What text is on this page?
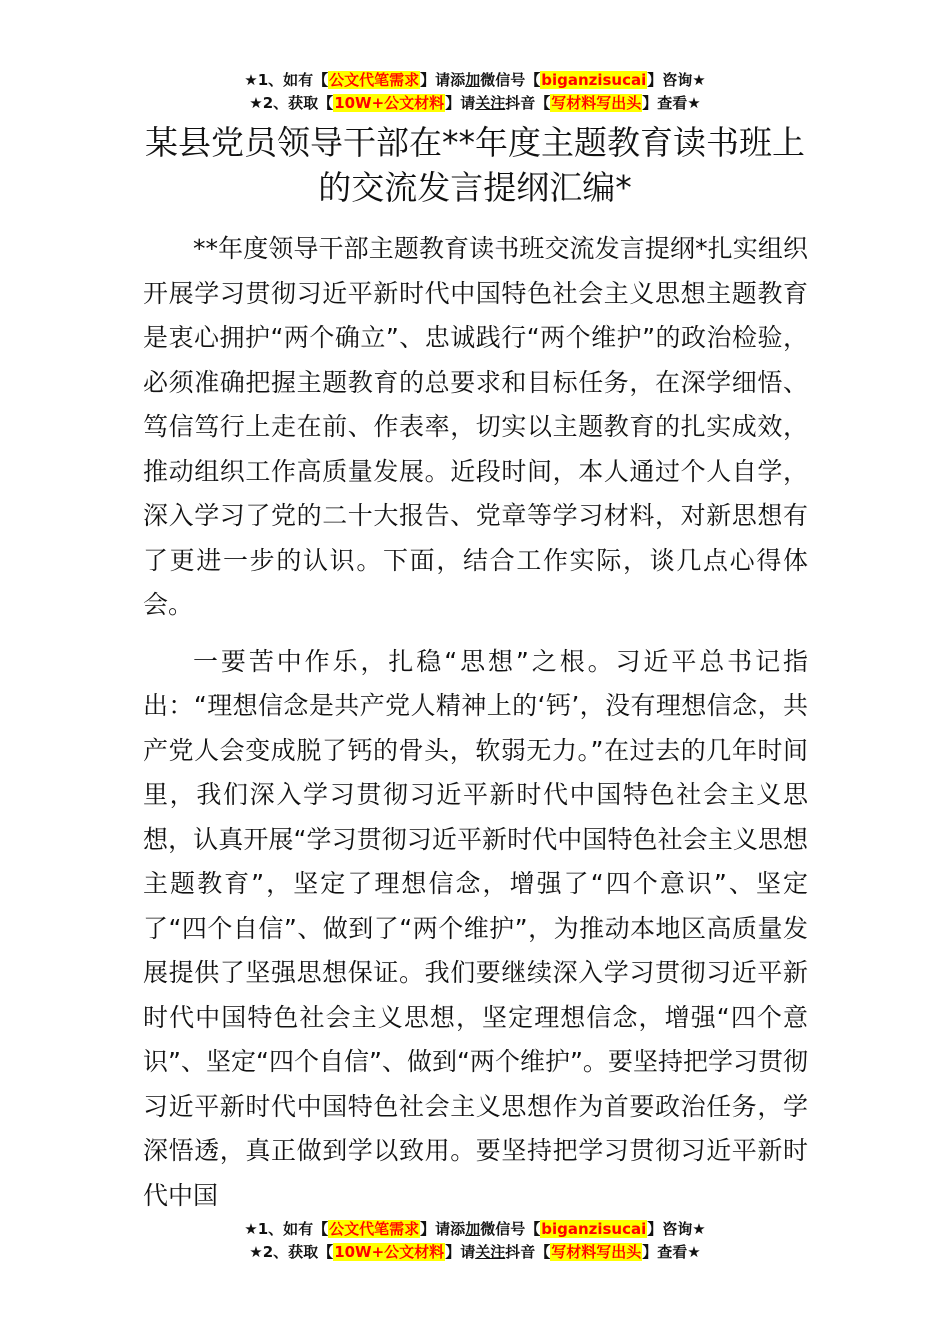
★1、如有【公文代笔需求】请添加微信号【biganzisucai】咨询★
★2、获取【10W+公文材料】请关注抖音【写材料写出头】查看★
某县党员领导干部在**年度主题教育读书班上的交流发言提纲汇编*

**年度领导干部主题教育读书班交流发言提纲*扎实组织开展学习贯彻习近平新时代中国特色社会主义思想主题教育是衷心拥护“两个确立”、忠诚践行“两个维护”的政治检验，必须准确把握主题教育的总要求和目标任务，在深学细悟、笃信笃行上走在前、作表率，切实以主题教育的扎实成效，推动组织工作高质量发展。近段时间，本人通过个人自学，深入学习了党的二十大报告、党章等学习材料，对新思想有了更进一步的认识。下面，结合工作实际，谈几点心得体会。

一要苦中作乐，扎稳“思想”之根。习近平总书记指出：“理想信念是共产党人精神上的‘钙’，没有理想信念，共产党人会变成脱了钙的骨头，软弱无力。”在过去的几年时间里，我们深入学习贯彻习近平新时代中国特色社会主义思想，认真开展“学习贯彻习近平新时代中国特色社会主义思想主题教育”，坚定了理想信念，增强了“四个意识”、坚定了“四个自信”、做到了“两个维护”，为推动本地区高质量发展提供了坚强思想保证。我们要继续深入学习贯彻习近平新时代中国特色社会主义思想，坚定理想信念，增强“四个意识”、坚定“四个自信”、做到“两个维护”。要坚持把学习贯彻习近平新时代中国特色社会主义思想作为首要政治任务，学深悟透，真正做到学以致用。要坚持把学习贯彻习近平新时代中国

★1、如有【公文代笔需求】请添加微信号【biganzisucai】咨询★
★2、获取【10W+公文材料】请关注抖音【写材料写出头】查看★
